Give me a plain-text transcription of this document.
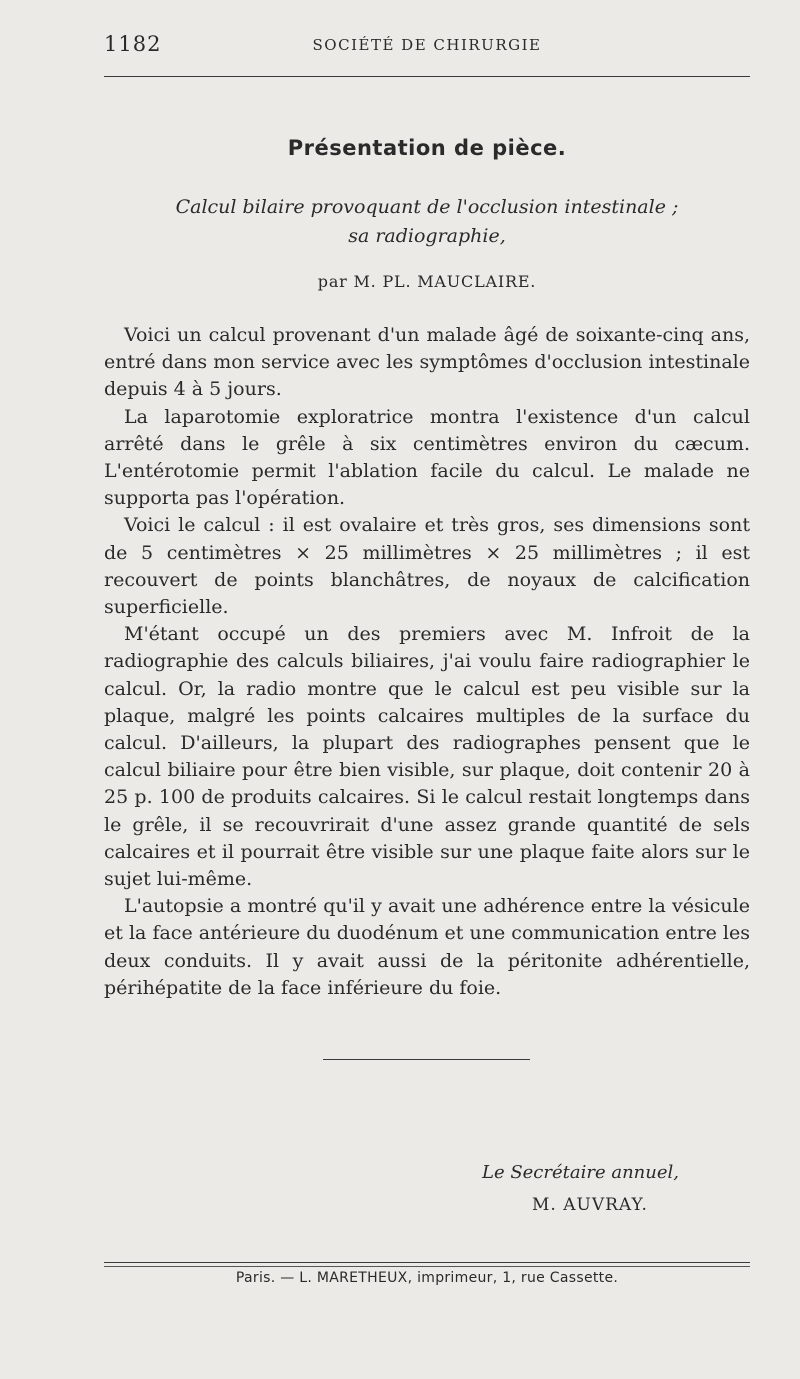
1182	SOCIÉTÉ DE CHIRURGIE
Présentation de pièce.
Calcul bilaire provoquant de l'occlusion intestinale ;
sa radiographie,
par M. PL. MAUCLAIRE.

Voici un calcul provenant d'un malade âgé de soixante-cinq ans, entré dans mon service avec les symptômes d'occlusion intestinale depuis 4 à 5 jours.

La laparotomie exploratrice montra l'existence d'un calcul arrêté dans le grêle à six centimètres environ du cæcum. L'entérotomie permit l'ablation facile du calcul. Le malade ne supporta pas l'opération.

Voici le calcul : il est ovalaire et très gros, ses dimensions sont de 5 centimètres × 25 millimètres × 25 millimètres ; il est recouvert de points blanchâtres, de noyaux de calcification superficielle.

M'étant occupé un des premiers avec M. Infroit de la radiographie des calculs biliaires, j'ai voulu faire radiographier le calcul. Or, la radio montre que le calcul est peu visible sur la plaque, malgré les points calcaires multiples de la surface du calcul. D'ailleurs, la plupart des radiographes pensent que le calcul biliaire pour être bien visible, sur plaque, doit contenir 20 à 25 p. 100 de produits calcaires. Si le calcul restait longtemps dans le grêle, il se recouvrirait d'une assez grande quantité de sels calcaires et il pourrait être visible sur une plaque faite alors sur le sujet lui-même.

L'autopsie a montré qu'il y avait une adhérence entre la vésicule et la face antérieure du duodénum et une communication entre les deux conduits. Il y avait aussi de la péritonite adhérentielle, périhépatite de la face inférieure du foie.

Le Secrétaire annuel,
M. AUVRAY.
Paris. — L. MARETHEUX, imprimeur, 1, rue Cassette.
